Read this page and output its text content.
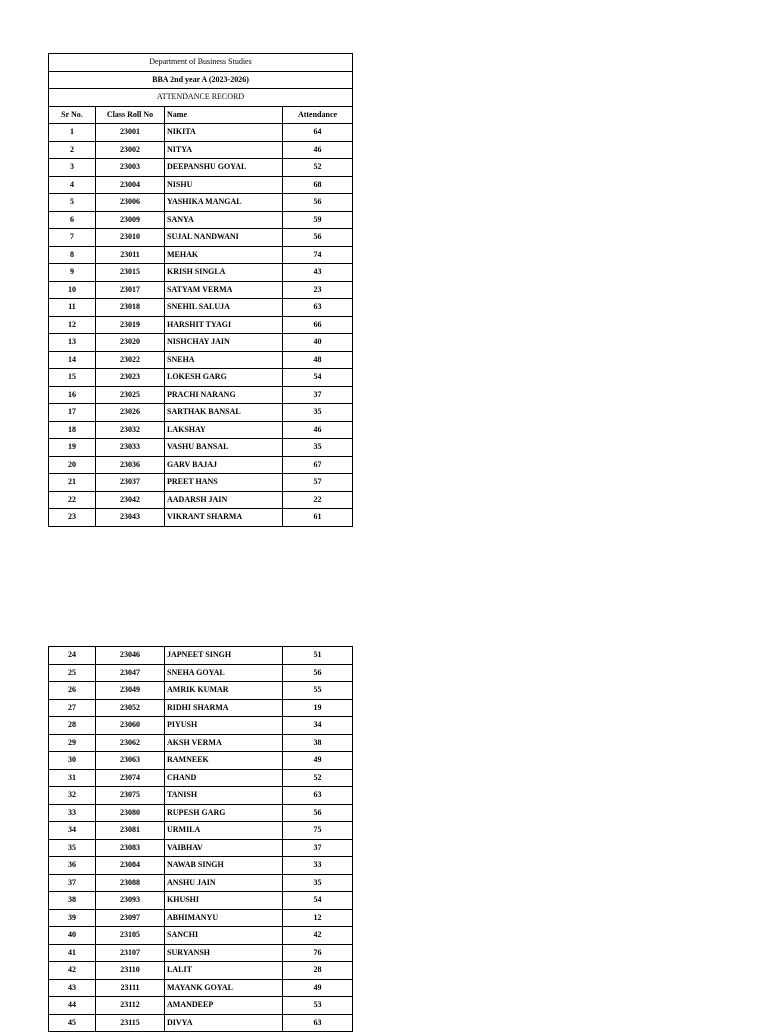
Department of Business Studies			
BBA 2nd year A (2023-2026)			
ATTENDANCE RECORD			
Sr No.	Class Roll No	Name	Attendance
1	23001	NIKITA	64
2	23002	NITYA	46
3	23003	DEEPANSHU GOYAL	52
4	23004	NISHU	68
5	23006	YASHIKA MANGAL	56
6	23009	SANYA	59
7	23010	SUJAL NANDWANI	56
8	23011	MEHAK	74
9	23015	KRISH SINGLA	43
10	23017	SATYAM VERMA	23
11	23018	SNEHIL SALUJA	63
12	23019	HARSHIT TYAGI	66
13	23020	NISHCHAY JAIN	40
14	23022	SNEHA	48
15	23023	LOKESH GARG	54
16	23025	PRACHI NARANG	37
17	23026	SARTHAK BANSAL	35
18	23032	LAKSHAY	46
19	23033	VASHU BANSAL	35
20	23036	GARV BAJAJ	67
21	23037	PREET HANS	57
22	23042	AADARSH JAIN	22
23	23043	VIKRANT SHARMA	61
24	23046	JAPNEET SINGH	51
25	23047	SNEHA GOYAL	56
26	23049	AMRIK KUMAR	55
27	23052	RIDHI SHARMA	19
28	23060	PIYUSH	34
29	23062	AKSH VERMA	38
30	23063	RAMNEEK	49
31	23074	CHAND	52
32	23075	TANISH	63
33	23080	RUPESH GARG	56
34	23081	URMILA	75
35	23083	VAIBHAV	37
36	23084	NAWAB SINGH	33
37	23088	ANSHU JAIN	35
38	23093	KHUSHI	54
39	23097	ABHIMANYU	12
40	23105	SANCHI	42
41	23107	SURYANSH	76
42	23110	LALIT	28
43	23111	MAYANK GOYAL	49
44	23112	AMANDEEP	53
45	23115	DIVYA	63
